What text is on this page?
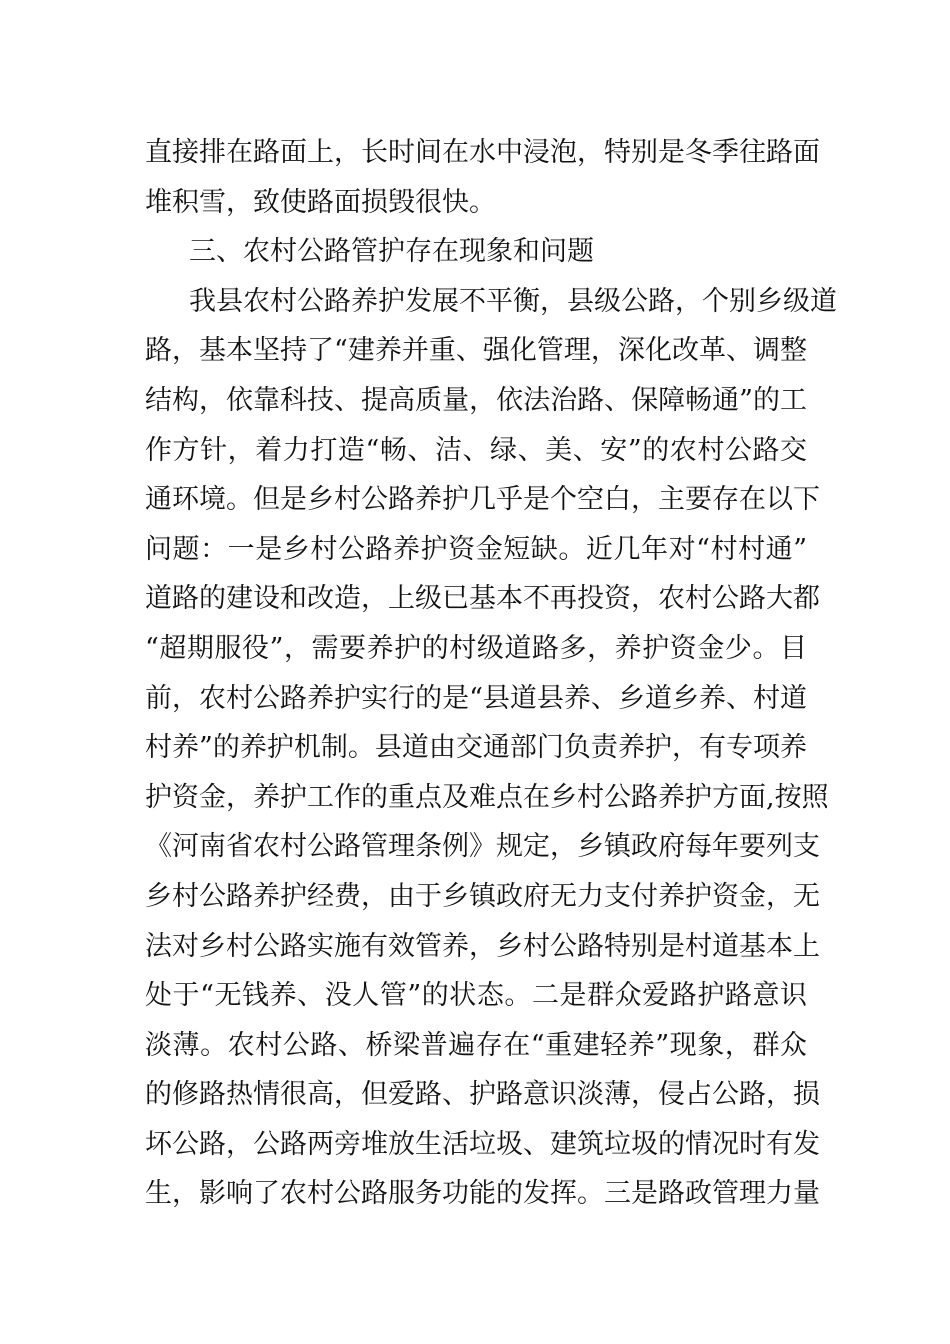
直接排在路面上，长时间在水中浸泡，特别是冬季往路面
堆积雪，致使路面损毁很快。
三、农村公路管护存在现象和问题
我县农村公路养护发展不平衡，县级公路，个别乡级道
路，基本坚持了“建养并重、强化管理，深化改革、调整
结构，依靠科技、提高质量，依法治路、保障畅通”的工
作方针，着力打造“畅、洁、绿、美、安”的农村公路交
通环境。但是乡村公路养护几乎是个空白，主要存在以下
问题：一是乡村公路养护资金短缺。近几年对“村村通”
道路的建设和改造，上级已基本不再投资，农村公路大都
“超期服役”，需要养护的村级道路多，养护资金少。目
前，农村公路养护实行的是“县道县养、乡道乡养、村道
村养”的养护机制。县道由交通部门负责养护，有专项养
护资金，养护工作的重点及难点在乡村公路养护方面,按照
《河南省农村公路管理条例》规定，乡镇政府每年要列支
乡村公路养护经费，由于乡镇政府无力支付养护资金，无
法对乡村公路实施有效管养，乡村公路特别是村道基本上
处于“无钱养、没人管”的状态。二是群众爱路护路意识
淡薄。农村公路、桥梁普遍存在“重建轻养”现象，群众
的修路热情很高，但爱路、护路意识淡薄，侵占公路，损
坏公路，公路两旁堆放生活垃圾、建筑垃圾的情况时有发
生，影响了农村公路服务功能的发挥。三是路政管理力量
